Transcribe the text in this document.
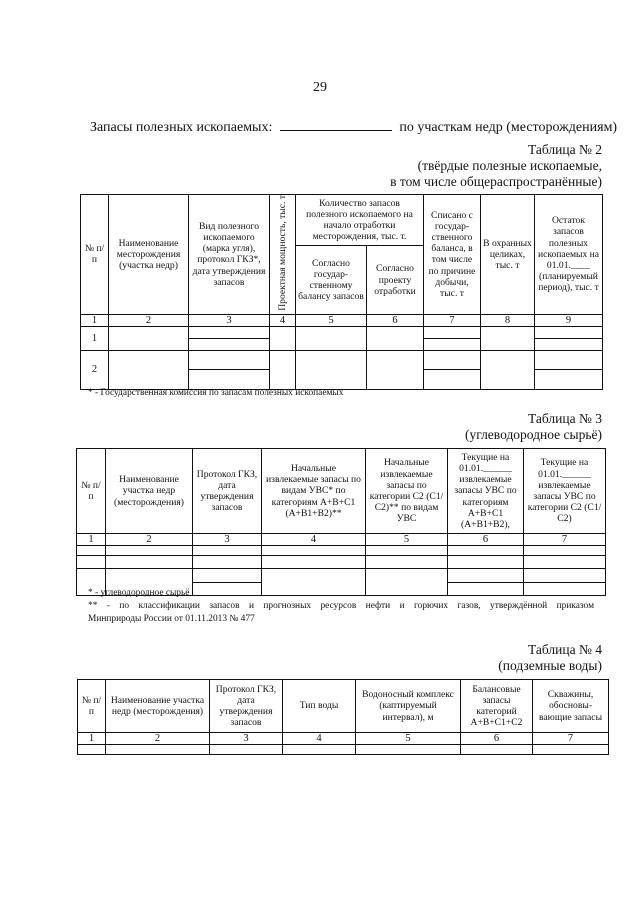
29
Запасы полезных ископаемых:	по участкам недр (месторождениям)
Таблица № 2
(твёрдые полезные ископаемые,
в том числе общераспространённые)
№ п/п	Наименование месторождения (участка недр)	Вид полезного ископаемого (марка угля), протокол ГКЗ*, дата утверждения запасов	Проектная мощность, тыс. т	Количество запасов полезного ископаемого на начало отработки месторождения, тыс. т.		Списано с государ- ственного баланса, в том числе по причине добычи, тыс. т	В охранных целиках, тыс. т	Остаток запасов полезных ископаемых на 01.01.____ (планируемый период), тыс. т
				Согласно государ- ственному балансу запасов	Согласно проекту отработки			
1	2	3	4	5	6	7	8	9
1								

2								

* - Государственная комиссия по запасам полезных ископаемых
Таблица № 3
(углеводородное сырьё)
№ п/п	Наименование участка недр (месторождения)	Протокол ГКЗ, дата утверждения запасов	Начальные извлекаемые запасы по видам УВС* по категориям А+В+С1 (А+В1+В2)**	Начальные извлекаемые запасы по категории С2 (С1/С2)** по видам УВС	Текущие на 01.01.______ извлекаемые запасы УВС по категориям А+В+С1 (А+В1+В2),	Текущие на 01.01.______ извлекаемые запасы УВС по категории С2 (С1/С2)
1	2	3	4	5	6	7

* - углеводородное сырьё
** - по классификации запасов и прогнозных ресурсов нефти и горючих газов, утверждённой приказом
Минприроды России от 01.11.2013 № 477
Таблица № 4
(подземные воды)
№ п/п	Наименование участка недр (месторождения)	Протокол ГКЗ, дата утверждения запасов	Тип воды	Водоносный комплекс (каптируемый интервал), м	Балансовые запасы категорий А+В+С1+С2	Скважины, обосновы- вающие запасы
1	2	3	4	5	6	7
